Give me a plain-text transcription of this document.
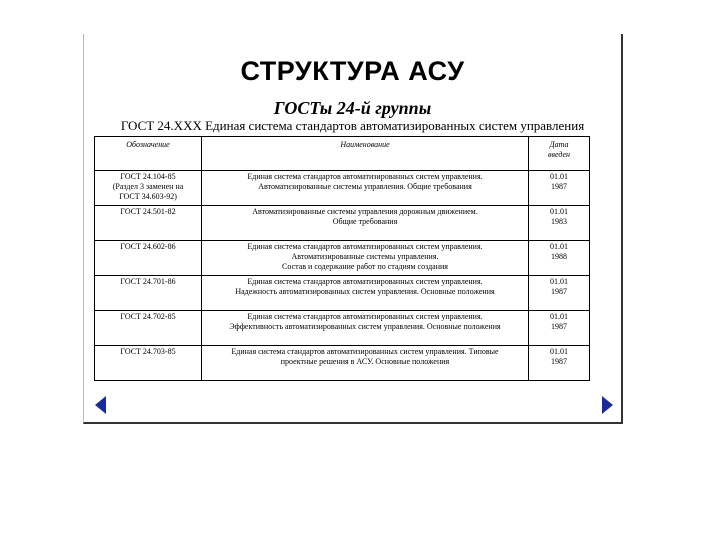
СТРУКТУРА АСУ
ГОСТы 24-й группы
ГОСТ 24.XXX Единая система стандартов автоматизированных систем управления
Обозначение	Наименование	Дата
введен

ГОСТ 24.104-85
(Раздел 3 заменен на
ГОСТ 34.603-92)	Единая система стандартов автоматизированных систем управления.
Автоматизированные системы управления. Общие требования	01.01
1987

ГОСТ 24.501-82	Автоматизированные системы управления дорожным движением.
Общие требования	01.01
1983

ГОСТ 24.602-86	Единая система стандартов автоматизированных систем управления.
Автоматизированные системы управления.
Состав и содержание работ по стадиям создания	01.01
1988

ГОСТ 24.701-86	Единая система стандартов автоматизированных систем управления.
Надежность автоматизированных систем управления. Основные положения	01.01
1987

ГОСТ 24.702-85	Единая система стандартов автоматизированных систем управления.
Эффективность автоматизированных систем управления. Основные положения	01.01
1987

ГОСТ 24.703-85	Единая система стандартов автоматизированных систем управления. Типовые
проектные решения в АСУ. Основные положения	01.01
1987
